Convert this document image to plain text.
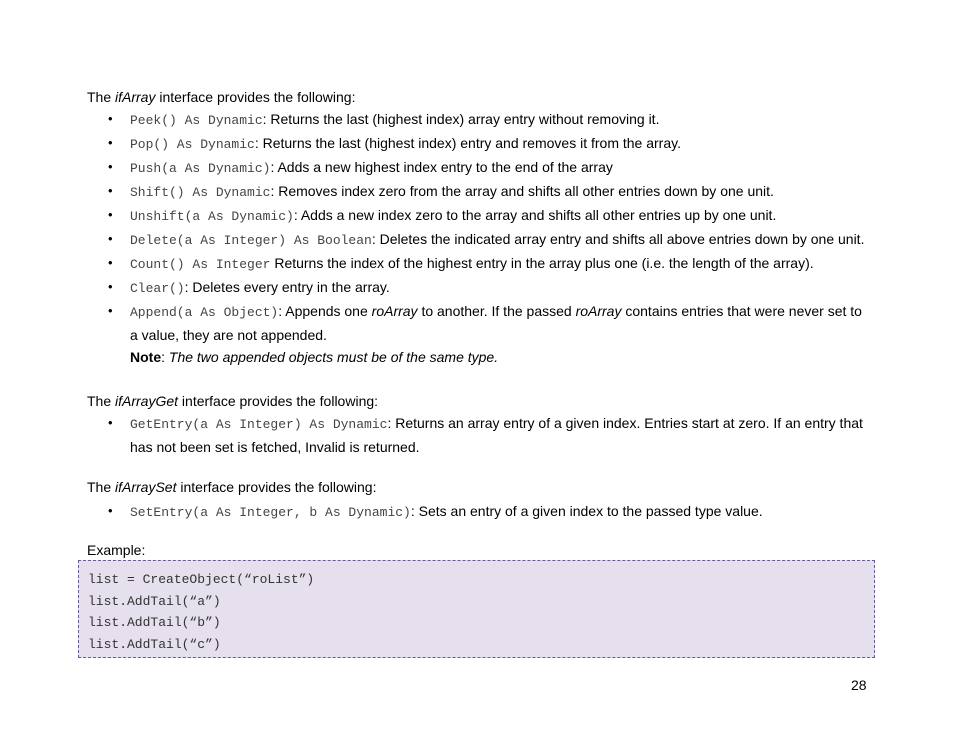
The ifArray interface provides the following:

• Peek() As Dynamic: Returns the last (highest index) array entry without removing it.
• Pop() As Dynamic: Returns the last (highest index) entry and removes it from the array.
• Push(a As Dynamic): Adds a new highest index entry to the end of the array
• Shift() As Dynamic: Removes index zero from the array and shifts all other entries down by one unit.
• Unshift(a As Dynamic): Adds a new index zero to the array and shifts all other entries up by one unit.
• Delete(a As Integer) As Boolean: Deletes the indicated array entry and shifts all above entries down by one unit.
• Count() As Integer Returns the index of the highest entry in the array plus one (i.e. the length of the array).
• Clear(): Deletes every entry in the array.
• Append(a As Object): Appends one roArray to another. If the passed roArray contains entries that were never set to a value, they are not appended.
Note: The two appended objects must be of the same type.

The ifArrayGet interface provides the following:

• GetEntry(a As Integer) As Dynamic: Returns an array entry of a given index. Entries start at zero. If an entry that has not been set is fetched, Invalid is returned.

The ifArraySet interface provides the following:

• SetEntry(a As Integer, b As Dynamic): Sets an entry of a given index to the passed type value.

Example:

list = CreateObject(“roList”)
list.AddTail(“a”)
list.AddTail(“b”)
list.AddTail(“c”)
28
